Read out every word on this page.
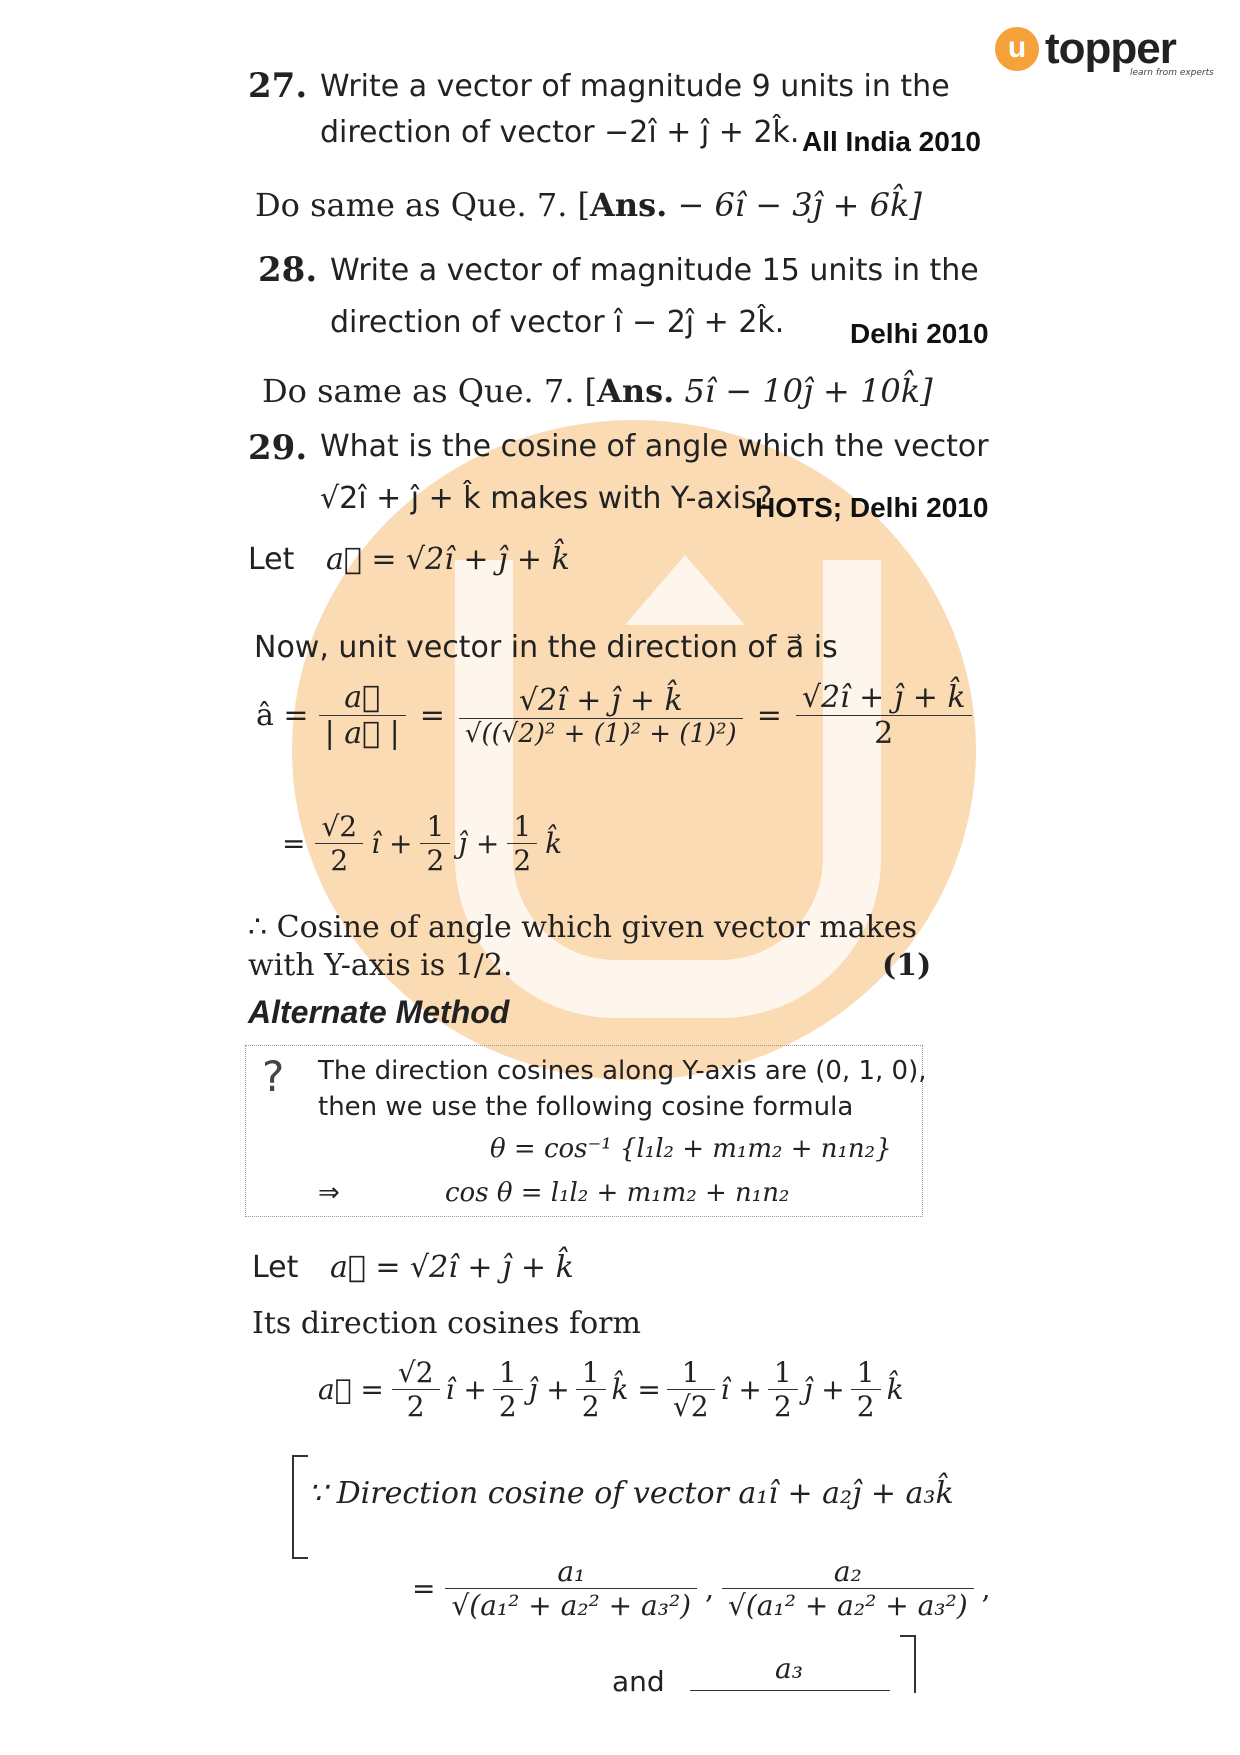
u topper
learn from experts
27. Write a vector of magnitude 9 units in the
direction of vector −2î + ĵ + 2k̂. All India 2010
Do same as Que. 7. [Ans. − 6î − 3ĵ + 6k̂]
28. Write a vector of magnitude 15 units in the
direction of vector î − 2ĵ + 2k̂. Delhi 2010
Do same as Que. 7. [Ans. 5î − 10ĵ + 10k̂]
29. What is the cosine of angle which the vector
√2î + ĵ + k̂ makes with Y-axis?
HOTS; Delhi 2010
Let a⃗ = √2î + ĵ + k̂
Now, unit vector in the direction of a⃗ is
â = $\frac{a⃗}{| a⃗ |} = \frac{√2î + ĵ + k̂}{\text{√((√2)² + (1)² + (1)²)}} = \frac{√2î + ĵ + k̂}{2}$
= $\frac{√2}{2}$ î + $\frac{1}{2}$ ĵ + $\frac{1}{2}$ k̂
∴ Cosine of angle which given vector makes
with Y-axis is 1/2.	(1)
Alternate Method
?	The direction cosines along Y-axis are (0, 1, 0),
then we use the following cosine formula
θ = cos⁻¹ {l₁l₂ + m₁m₂ + n₁n₂}
⇒	cos θ = l₁l₂ + m₁m₂ + n₁n₂
Let a⃗ = √2î + ĵ + k̂
Its direction cosines form
a⃗ = $\frac{√2}{2}$ î + $\frac{1}{2}$ ĵ + $\frac{1}{2}$ k̂ = $\frac{1}{√2}$ î + $\frac{1}{2}$ ĵ + $\frac{1}{2}$ k̂
∵ Direction cosine of vector a₁î + a₂ĵ + a₃k̂
= $\frac{\text{a₁}}{\text{√(a₁² + a₂² + a₃²)}}$ , $\frac{\text{a₂}}{\text{√(a₁² + a₂² + a₃²)}}$ ,
and	a₃
